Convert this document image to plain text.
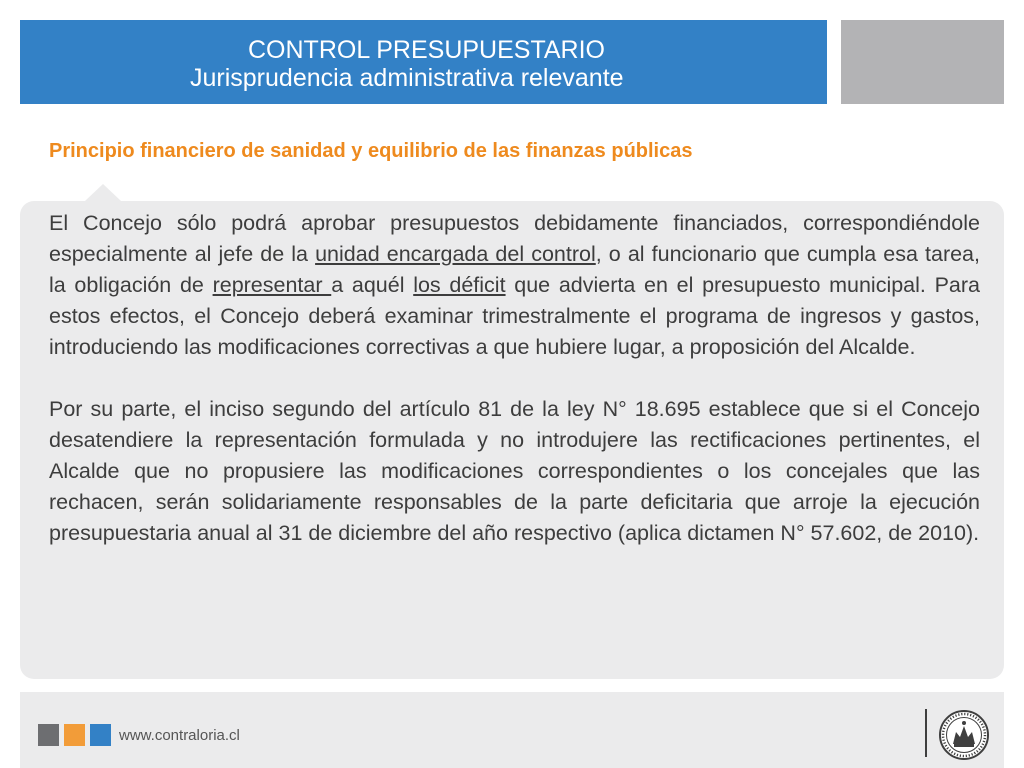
CONTROL PRESUPUESTARIO
Jurisprudencia administrativa relevante
Principio financiero de sanidad y equilibrio de las finanzas públicas

El Concejo sólo podrá aprobar presupuestos debidamente financiados, correspondiéndole especialmente al jefe de la unidad encargada del control, o al funcionario que cumpla esa tarea, la obligación de representar a aquél los déficit que advierta en el presupuesto municipal. Para estos efectos, el Concejo deberá examinar trimestralmente el programa de ingresos y gastos, introduciendo las modificaciones correctivas a que hubiere lugar, a proposición del Alcalde.

Por su parte, el inciso segundo del artículo 81 de la ley N° 18.695 establece que si el Concejo desatendiere la representación formulada y no introdujere las rectificaciones pertinentes, el Alcalde que no propusiere las modificaciones correspondientes o los concejales que las rechacen, serán solidariamente responsables de la parte deficitaria que arroje la ejecución presupuestaria anual al 31 de diciembre del año respectivo (aplica dictamen N° 57.602, de 2010).

www.contraloria.cl
